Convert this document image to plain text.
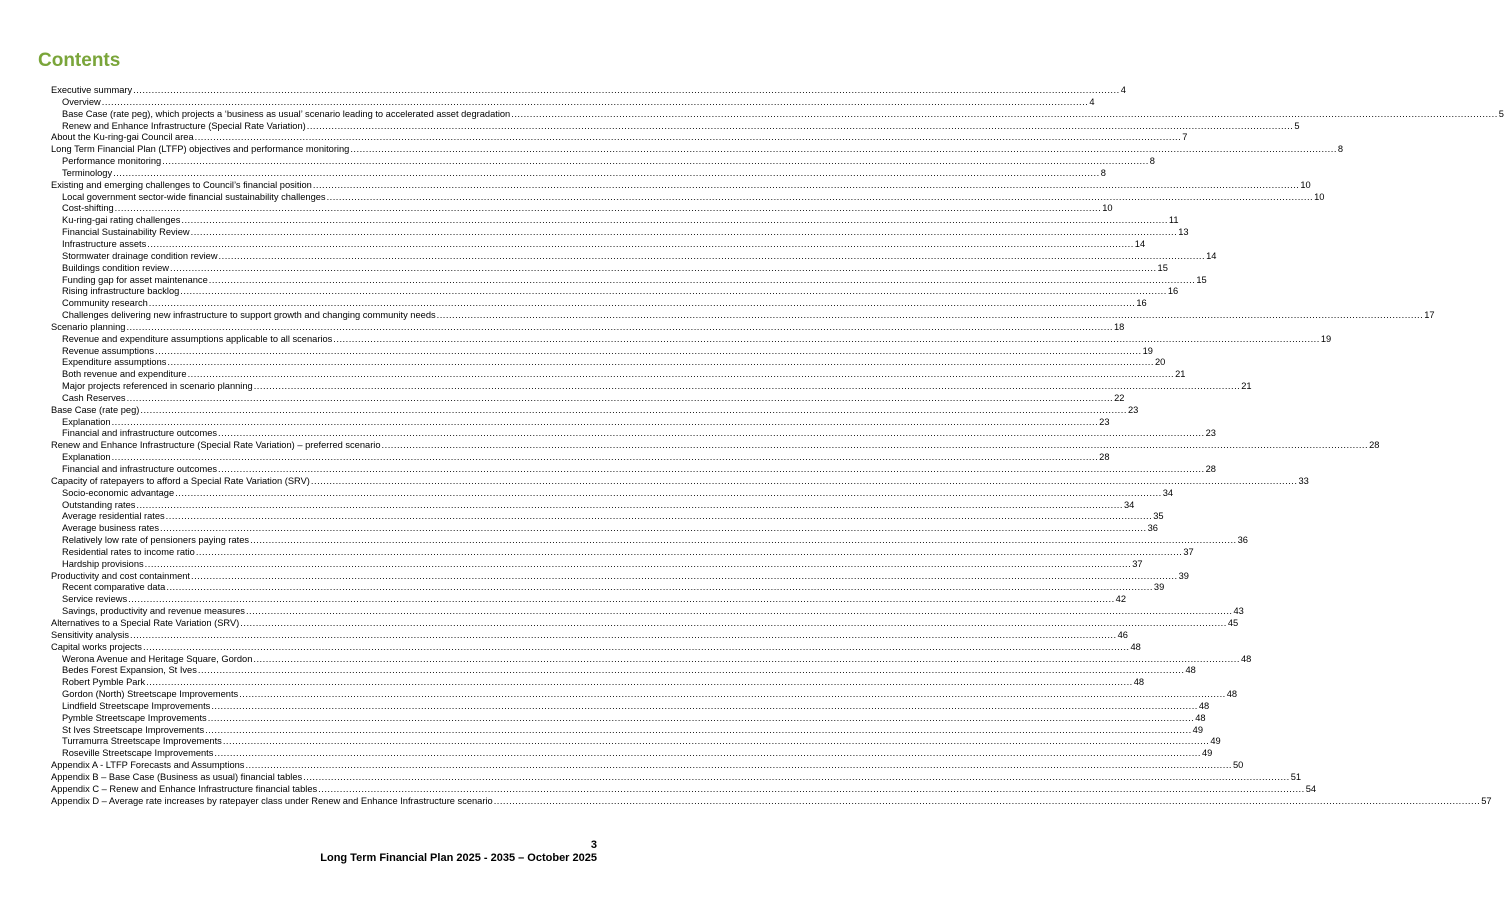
Contents
Executive summary .....	4
Overview .....	4
Base Case (rate peg), which projects a ‘business as usual’ scenario leading to accelerated asset degradation .....	5
Renew and Enhance Infrastructure (Special Rate Variation) .....	5
About the Ku-ring-gai Council area .....	7
Long Term Financial Plan (LTFP) objectives and performance monitoring .....	8
Performance monitoring .....	8
Terminology .....	8
Existing and emerging challenges to Council’s financial position .....	10
Local government sector-wide financial sustainability challenges .....	10
Cost-shifting .....	10
Ku-ring-gai rating challenges .....	11
Financial Sustainability Review .....	13
Infrastructure assets .....	14
Stormwater drainage condition review .....	14
Buildings condition review .....	15
Funding gap for asset maintenance .....	15
Rising infrastructure backlog .....	16
Community research .....	16
Challenges delivering new infrastructure to support growth and changing community needs .....	17
Scenario planning .....	18
Revenue and expenditure assumptions applicable to all scenarios .....	19
Revenue assumptions .....	19
Expenditure assumptions .....	20
Both revenue and expenditure .....	21
Major projects referenced in scenario planning .....	21
Cash Reserves .....	22
Base Case (rate peg) .....	23
Explanation .....	23
Financial and infrastructure outcomes .....	23
Renew and Enhance Infrastructure (Special Rate Variation) – preferred scenario .....	28
Explanation .....	28
Financial and infrastructure outcomes .....	28
Capacity of ratepayers to afford a Special Rate Variation (SRV) .....	33
Socio-economic advantage .....	34
Outstanding rates .....	34
Average residential rates .....	35
Average business rates .....	36
Relatively low rate of pensioners paying rates .....	36
Residential rates to income ratio .....	37
Hardship provisions .....	37
Productivity and cost containment .....	39
Recent comparative data .....	39
Service reviews .....	42
Savings, productivity and revenue measures .....	43
Alternatives to a Special Rate Variation (SRV) .....	45
Sensitivity analysis .....	46
Capital works projects .....	48
Werona Avenue and Heritage Square, Gordon .....	48
Bedes Forest Expansion, St Ives .....	48
Robert Pymble Park .....	48
Gordon (North) Streetscape Improvements .....	48
Lindfield Streetscape Improvements .....	48
Pymble Streetscape Improvements .....	48
St Ives Streetscape Improvements .....	49
Turramurra Streetscape Improvements .....	49
Roseville Streetscape Improvements .....	49
Appendix A - LTFP Forecasts and Assumptions .....	50
Appendix B – Base Case (Business as usual) financial tables .....	51
Appendix C – Renew and Enhance Infrastructure financial tables .....	54
Appendix D – Average rate increases by ratepayer class under Renew and Enhance Infrastructure scenario .....	57
3
Long Term Financial Plan 2025 - 2035 – October 2025
